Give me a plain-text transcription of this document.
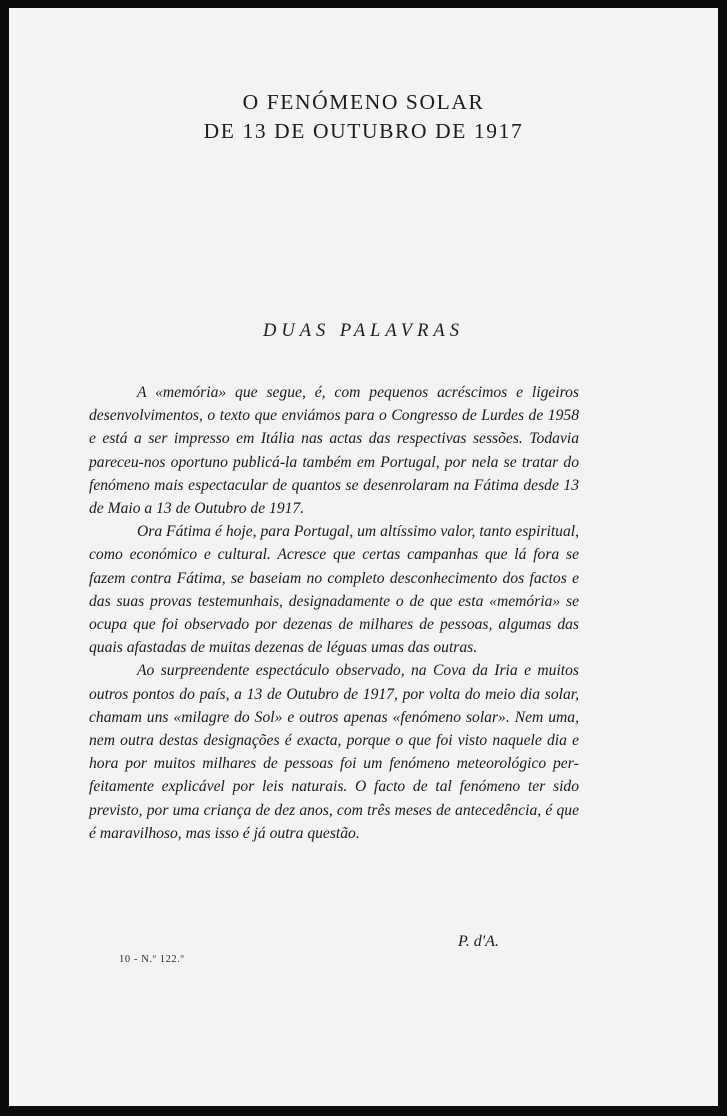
O FENÓMENO SOLAR
DE 13 DE OUTUBRO DE 1917
DUAS PALAVRAS

A «memória» que segue, é, com pequenos acréscimos e ligeiros desenvolvimentos, o texto que enviámos para o Congresso de Lurdes de 1958 e está a ser impresso em Itália nas actas das respectivas sessões. Todavia pareceu-nos oportuno publicá-la também em Portugal, por nela se tratar do fenómeno mais espectacular de quantos se desenrolaram na Fátima desde 13 de Maio a 13 de Outubro de 1917.

Ora Fátima é hoje, para Portugal, um altíssimo valor, tanto espiritual, como económico e cultural. Acresce que certas campanhas que lá fora se fazem contra Fátima, se baseiam no completo desconhecimento dos factos e das suas provas testemunhais, designadamente o de que esta «memória» se ocupa que foi observado por dezenas de milhares de pessoas, algumas das quais afastadas de muitas dezenas de léguas umas das outras.

Ao surpreendente espectáculo observado, na Cova da Iria e muitos outros pontos do país, a 13 de Outubro de 1917, por volta do meio dia solar, chamam uns «milagre do Sol» e outros apenas «fenómeno solar». Nem uma, nem outra destas designações é exacta, porque o que foi visto naquele dia e hora por muitos milhares de pessoas foi um fenómeno meteorológico perfeitamente explicável por leis naturais. O facto de tal fenómeno ter sido previsto, por uma criança de dez anos, com três meses de antecedência, é que é maravilhoso, mas isso é já outra questão.

P. d'A.
10 - N.º 122.º
